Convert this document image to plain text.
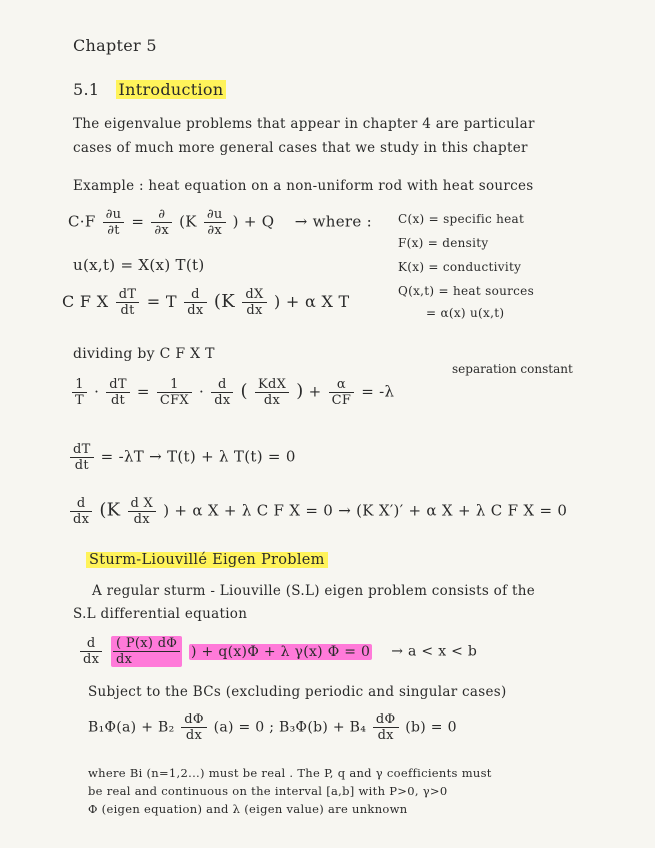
Chapter 5
5.1 Introduction
The eigenvalue problems that appear in chapter 4 are particular
cases of much more general cases that we study in this chapter
Example : heat equation on a non-uniform rod with heat sources
$C\cdot F \frac{\partial u}{\partial t} = \frac{\partial}{\partial x} (K \frac{\partial u}{\partial x}$ ) + Q → where : C(x) = specific heat
F(x) = density
K(x) = conductivity
Q(x,t) = heat sources
= α(x) u(x,t)
u(x,t) = X(x) T(t)
C F X $\frac{dT}{dt} = T \frac{d}{dx} (K \frac{dX}{dx}$ ) + α X T
dividing by C F X T
separation constant
$\frac{1}{T} \cdot \frac{dT}{dt} = \frac{1}{\text{CFX}} \cdot \frac{d}{dx}$ ( $\frac{\text{KdX}}{dx}$ ) + $\frac{\alpha}{CF} = -\lambda$
$\frac{dT}{dt} = -\lambda T \to T(t) + \lambda$ T(t) = 0
$\frac{d}{dx} (K \frac{\text{d X}}{dx}$ ) + α X + λ C F X = 0 → (K X′)′ + α X + λ C F X = 0
Sturm-Liouvillé Eigen Problem
A regular sturm - Liouville (S.L) eigen problem consists of the
S.L differential equation
$\frac{d}{dx}$
$\frac{( P(x) d\Phi}{dx}$ ) + q(x)Φ + λ γ(x) Φ = 0 → a < x < b
Subject to the BCs (excluding periodic and singular cases)
$B_1\Phi(a) + B_2 \frac{d\Phi}{dx} (a) = 0$ ; $B_3\Phi(b) + B_4 \frac{d\Phi}{dx} (b) = 0$
where Bi (n=1,2...) must be real . The P, q and γ coefficients must
be real and continuous on the interval [a,b] with P>0, γ>0
Φ (eigen equation) and λ (eigen value) are unknown
